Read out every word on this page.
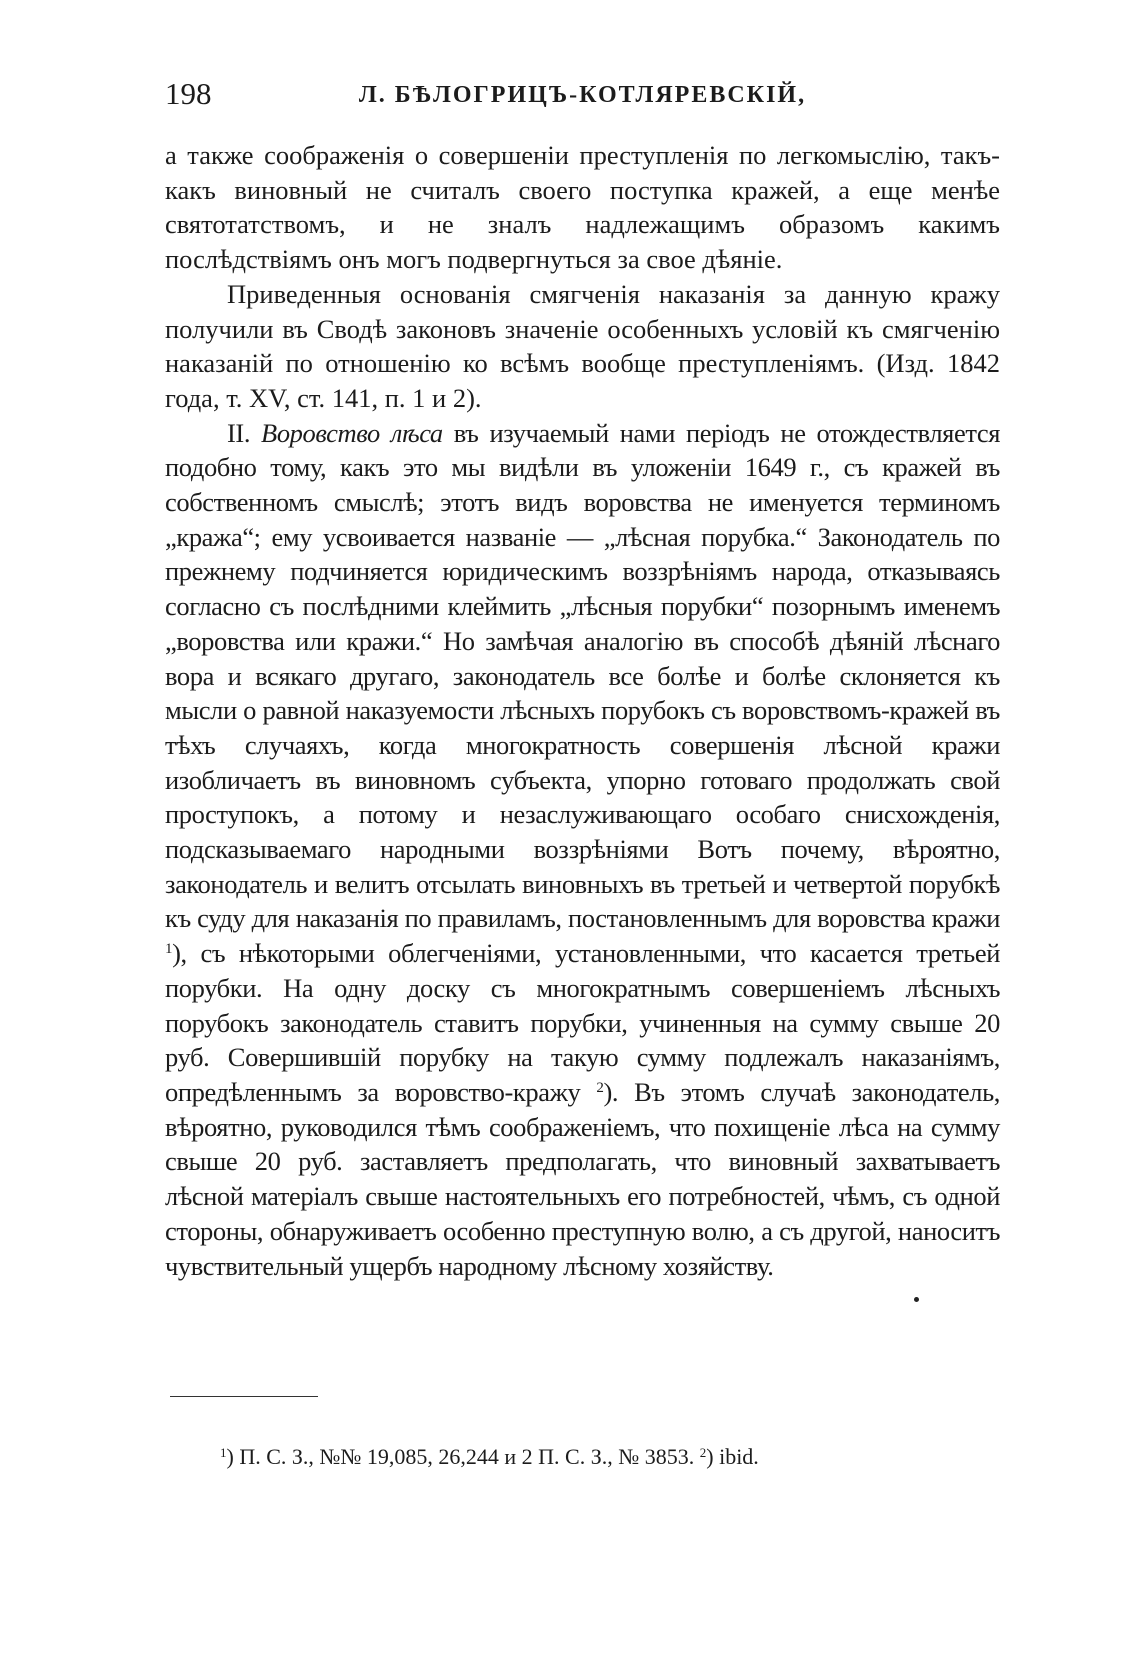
198	Л. БѢЛОГРИЦЪ-КОТЛЯРЕВСКІЙ,

а также соображенія о совершеніи преступленія по легкомыслію, такъ-какъ виновный не считалъ своего поступка кражей, а еще менѣе святотатствомъ, и не зналъ надлежащимъ образомъ какимъ послѣдствіямъ онъ могъ подвергнуться за свое дѣяніе.

Приведенныя основанія смягченія наказанія за данную кражу получили въ Сводѣ законовъ значеніе особенныхъ условій къ смягченію наказаній по отношенію ко всѣмъ вообще преступленіямъ. (Изд. 1842 года, т. XV, ст. 141, п. 1 и 2).

II. Воровство лѣса въ изучаемый нами періодъ не отождествляется подобно тому, какъ это мы видѣли въ уложеніи 1649 г., съ кражей въ собственномъ смыслѣ; этотъ видъ воровства не именуется терминомъ „кража“; ему усвоивается названіе — „лѣсная порубка.“ Законодатель по прежнему подчиняется юридическимъ воззрѣніямъ народа, отказываясь согласно съ послѣдними клеймить „лѣсныя порубки“ позорнымъ именемъ „воровства или кражи.“ Но замѣчая аналогію въ способѣ дѣяній лѣснаго вора и всякаго другаго, законодатель все болѣе и болѣе склоняется къ мысли о равной наказуемости лѣсныхъ порубокъ съ воровствомъ-кражей въ тѣхъ случаяхъ, когда многократность совершенія лѣсной кражи изобличаетъ въ виновномъ субъекта, упорно готоваго продолжать свой проступокъ, а потому и незаслуживающаго особаго снисхожденія, подсказываемаго народными воззрѣніями Вотъ почему, вѣроятно, законодатель и велитъ отсылать виновныхъ въ третьей и четвертой порубкѣ къ суду для наказанія по правиламъ, постановленнымъ для воровства кражи $^1$), съ нѣкоторыми облегченіями, установленными, что касается третьей порубки. На одну доску съ многократнымъ совершеніемъ лѣсныхъ порубокъ законодатель ставитъ порубки, учиненныя на сумму свыше 20 руб. Совершившій порубку на такую сумму подлежалъ наказаніямъ, опредѣленнымъ за воровство-кражу $^2$). Въ этомъ случаѣ законодатель, вѣроятно, руководился тѣмъ соображеніемъ, что похищеніе лѣса на сумму свыше 20 руб. заставляетъ предполагать, что виновный захватываетъ лѣсной матеріалъ свыше настоятельныхъ его потребностей, чѣмъ, съ одной стороны, обнаруживаетъ особенно преступную волю, а съ другой, наноситъ чувствительный ущербъ народному лѣсному хозяйству.

$^1$) П. С. З., №№ 19,085, 26,244 и 2 П. С. З., № 3853. $^2$) ibid.
